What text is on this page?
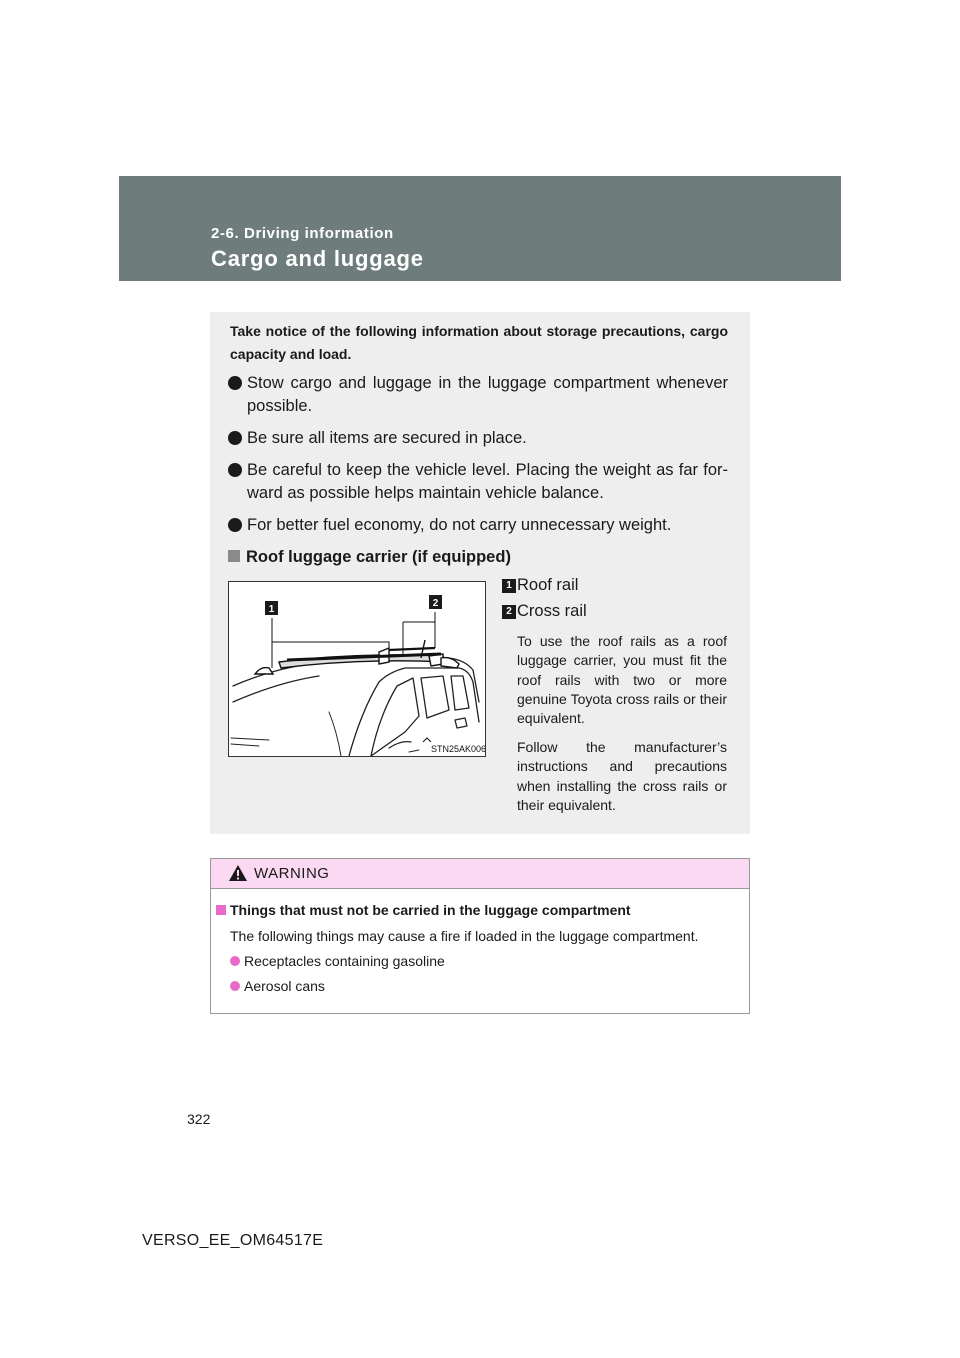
2-6. Driving information
Cargo and luggage
Take notice of the following information about storage precautions, cargo capacity and load.
Stow cargo and luggage in the luggage compartment whenever possible.
Be sure all items are secured in place.
Be careful to keep the vehicle level. Placing the weight as far for-ward as possible helps maintain vehicle balance.
For better fuel economy, do not carry unnecessary weight.
Roof luggage carrier (if equipped)
1
2
STN25AK006
1 Roof rail
2 Cross rail

To use the roof rails as a roof luggage carrier, you must fit the roof rails with two or more genuine Toyota cross rails or their equivalent.

Follow the manufacturer’s instructions and precautions when installing the cross rails or their equivalent.

WARNING
Things that must not be carried in the luggage compartment
The following things may cause a fire if loaded in the luggage compartment.
Receptacles containing gasoline
Aerosol cans
322
VERSO_EE_OM64517E
